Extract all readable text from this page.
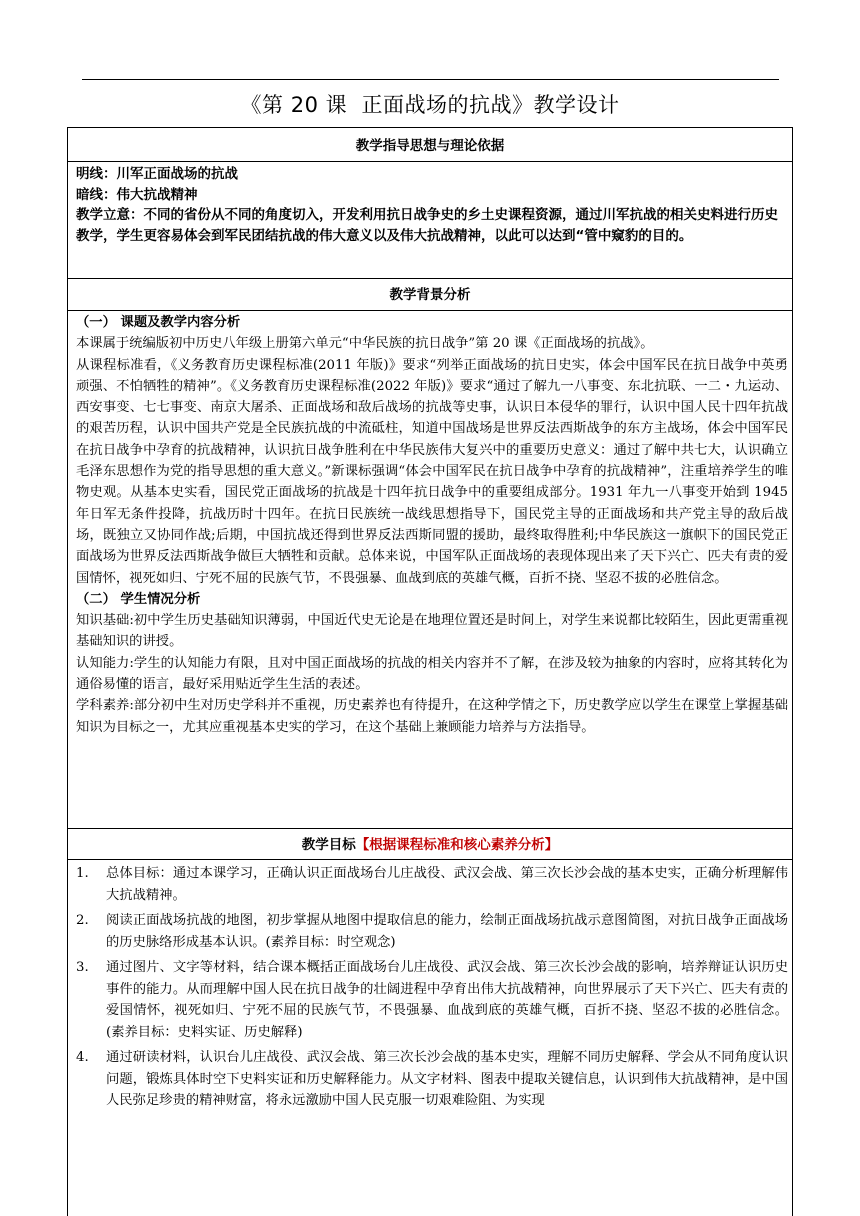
《第 20 课  正面战场的抗战》教学设计
教学指导思想与理论依据

明线：川军正面战场的抗战

暗线：伟大抗战精神

教学立意：不同的省份从不同的角度切入，开发利用抗日战争史的乡土史课程资源，通过川军抗战的相关史料进行历史教学，学生更容易体会到军民团结抗战的伟大意义以及伟大抗战精神，以此可以达到“管中窥豹的目的。

教学背景分析

（一） 课题及教学内容分析

本课属于统编版初中历史八年级上册第六单元“中华民族的抗日战争”第 20 课《正面战场的抗战》。

从课程标准看，《义务教育历史课程标准(2011 年版)》要求“列举正面战场的抗日史实，体会中国军民在抗日战争中英勇顽强、不怕牺牲的精神”。《义务教育历史课程标准(2022 年版)》要求“通过了解九一八事变、东北抗联、一二・九运动、西安事变、七七事变、南京大屠杀、正面战场和敌后战场的抗战等史事，认识日本侵华的罪行，认识中国人民十四年抗战的艰苦历程，认识中国共产党是全民族抗战的中流砥柱，知道中国战场是世界反法西斯战争的东方主战场，体会中国军民在抗日战争中孕育的抗战精神，认识抗日战争胜利在中华民族伟大复兴中的重要历史意义：通过了解中共七大，认识确立毛泽东思想作为党的指导思想的重大意义。”新课标强调“体会中国军民在抗日战争中孕育的抗战精神”，注重培养学生的唯物史观。从基本史实看，国民党正面战场的抗战是十四年抗日战争中的重要组成部分。1931 年九一八事变开始到 1945 年日军无条件投降，抗战历时十四年。在抗日民族统一战线思想指导下，国民党主导的正面战场和共产党主导的敌后战场，既独立又协同作战;后期，中国抗战还得到世界反法西斯同盟的援助，最终取得胜利;中华民族这一旗帜下的国民党正面战场为世界反法西斯战争做巨大牺牲和贡献。总体来说，中国军队正面战场的表现体现出来了天下兴亡、匹夫有责的爱国情怀，视死如归、宁死不屈的民族气节，不畏强暴、血战到底的英雄气概，百折不挠、坚忍不拔的必胜信念。

（二） 学生情况分析

知识基础:初中学生历史基础知识薄弱，中国近代史无论是在地理位置还是时间上，对学生来说都比较陌生，因此更需重视基础知识的讲授。

认知能力:学生的认知能力有限，且对中国正面战场的抗战的相关内容并不了解，在涉及较为抽象的内容时，应将其转化为通俗易懂的语言，最好采用贴近学生生活的表述。

学科素养:部分初中生对历史学科并不重视，历史素养也有待提升，在这种学情之下，历史教学应以学生在课堂上掌握基础知识为目标之一，尤其应重视基本史实的学习，在这个基础上兼顾能力培养与方法指导。

教学目标【根据课程标准和核心素养分析】
1.	总体目标：通过本课学习，正确认识正面战场台儿庄战役、武汉会战、第三次长沙会战的基本史实，正确分析理解伟大抗战精神。
2.	阅读正面战场抗战的地图，初步掌握从地图中提取信息的能力，绘制正面战场抗战示意图简图，对抗日战争正面战场的历史脉络形成基本认识。(素养目标：时空观念)
3.	通过图片、文字等材料，结合课本概括正面战场台儿庄战役、武汉会战、第三次长沙会战的影响，培养辩证认识历史事件的能力。从而理解中国人民在抗日战争的壮阔进程中孕育出伟大抗战精神，向世界展示了天下兴亡、匹夫有责的爱国情怀，视死如归、宁死不屈的民族气节，不畏强暴、血战到底的英雄气概，百折不挠、坚忍不拔的必胜信念。(素养目标：史料实证、历史解释)
4.	通过研读材料，认识台儿庄战役、武汉会战、第三次长沙会战的基本史实，理解不同历史解释、学会从不同角度认识问题，锻炼具体时空下史料实证和历史解释能力。从文字材料、图表中提取关键信息，认识到伟大抗战精神，是中国人民弥足珍贵的精神财富，将永远激励中国人民克服一切艰难险阻、为实现
